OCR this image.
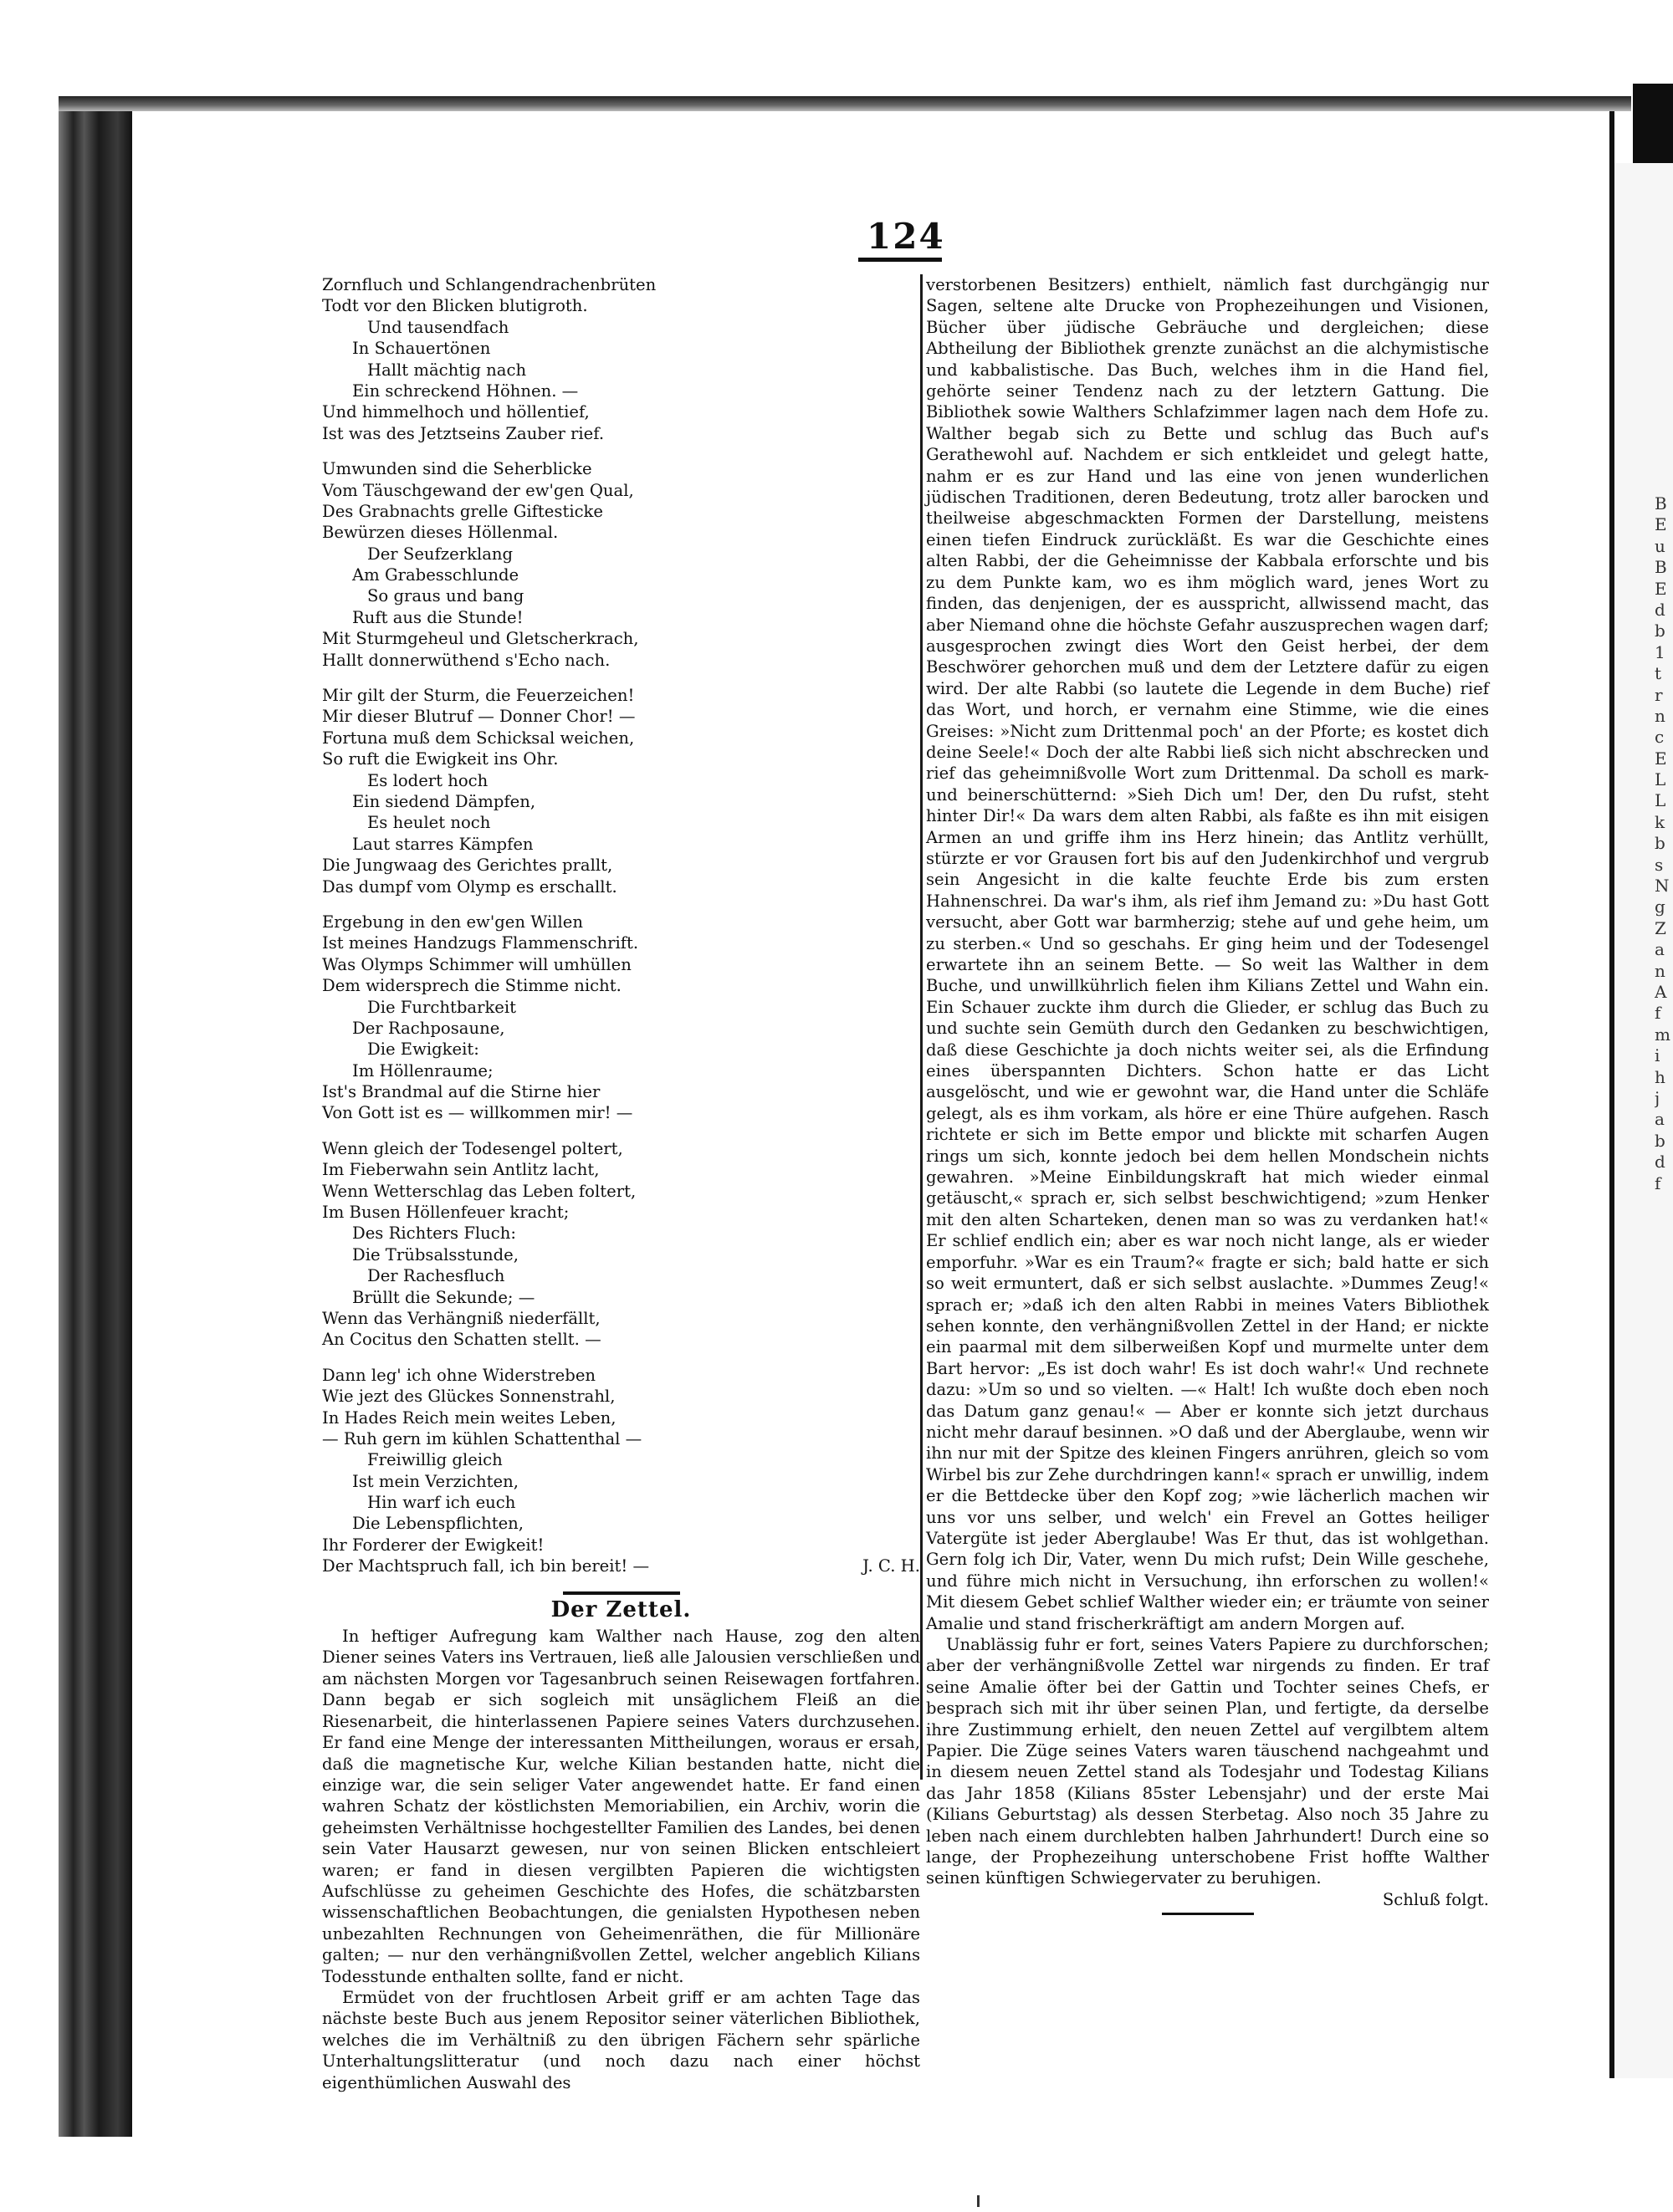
124
Zornfluch und Schlangendrachenbrüten
Todt vor den Blicken blutigroth.
Und tausendfach
In Schauertönen
Hallt mächtig nach
Ein schreckend Höhnen. —
Und himmelhoch und höllentief,
Ist was des Jetztseins Zauber rief.
Umwunden sind die Seherblicke
Vom Täuschgewand der ew'gen Qual,
Des Grabnachts grelle Giftesticke
Bewürzen dieses Höllenmal.
Der Seufzerklang
Am Grabesschlunde
So graus und bang
Ruft aus die Stunde!
Mit Sturmgeheul und Gletscherkrach,
Hallt donnerwüthend s'Echo nach.
Mir gilt der Sturm, die Feuerzeichen!
Mir dieser Blutruf — Donner Chor! —
Fortuna muß dem Schicksal weichen,
So ruft die Ewigkeit ins Ohr.
Es lodert hoch
Ein siedend Dämpfen,
Es heulet noch
Laut starres Kämpfen
Die Jungwaag des Gerichtes prallt,
Das dumpf vom Olymp es erschallt.
Ergebung in den ew'gen Willen
Ist meines Handzugs Flammenschrift.
Was Olymps Schimmer will umhüllen
Dem widersprech die Stimme nicht.
Die Furchtbarkeit
Der Rachposaune,
Die Ewigkeit:
Im Höllenraume;
Ist's Brandmal auf die Stirne hier
Von Gott ist es — willkommen mir! —
Wenn gleich der Todesengel poltert,
Im Fieberwahn sein Antlitz lacht,
Wenn Wetterschlag das Leben foltert,
Im Busen Höllenfeuer kracht;
Des Richters Fluch:
Die Trübsalsstunde,
Der Rachesfluch
Brüllt die Sekunde; —
Wenn das Verhängniß niederfällt,
An Cocitus den Schatten stellt. —
Dann leg' ich ohne Widerstreben
Wie jezt des Glückes Sonnenstrahl,
In Hades Reich mein weites Leben,
— Ruh gern im kühlen Schattenthal —
Freiwillig gleich
Ist mein Verzichten,
Hin warf ich euch
Die Lebenspflichten,
Ihr Forderer der Ewigkeit!
Der Machtspruch fall, ich bin bereit! —	J. C. H.
Der Zettel.

In heftiger Aufregung kam Walther nach Hause, zog den alten Diener seines Vaters ins Vertrauen, ließ alle Jalousien verschließen und am nächsten Morgen vor Tagesanbruch seinen Reisewagen fortfahren. Dann begab er sich sogleich mit unsäglichem Fleiß an die Riesenarbeit, die hinterlassenen Papiere seines Vaters durchzusehen. Er fand eine Menge der interessanten Mittheilungen, woraus er ersah, daß die magnetische Kur, welche Kilian bestanden hatte, nicht die einzige war, die sein seliger Vater angewendet hatte. Er fand einen wahren Schatz der köstlichsten Memoriabilien, ein Archiv, worin die geheimsten Verhältnisse hochgestellter Familien des Landes, bei denen sein Vater Hausarzt gewesen, nur von seinen Blicken entschleiert waren; er fand in diesen vergilbten Papieren die wichtigsten Aufschlüsse zu geheimen Geschichte des Hofes, die schätzbarsten wissenschaftlichen Beobachtungen, die genialsten Hypothesen neben unbezahlten Rechnungen von Geheimenräthen, die für Millionäre galten; — nur den verhängnißvollen Zettel, welcher angeblich Kilians Todesstunde enthalten sollte, fand er nicht.

Ermüdet von der fruchtlosen Arbeit griff er am achten Tage das nächste beste Buch aus jenem Repositor seiner väterlichen Bibliothek, welches die im Verhältniß zu den übrigen Fächern sehr spärliche Unterhaltungslitteratur (und noch dazu nach einer höchst eigenthümlichen Auswahl des

verstorbenen Besitzers) enthielt, nämlich fast durchgängig nur Sagen, seltene alte Drucke von Prophezeihungen und Visionen, Bücher über jüdische Gebräuche und dergleichen; diese Abtheilung der Bibliothek grenzte zunächst an die alchymistische und kabbalistische. Das Buch, welches ihm in die Hand fiel, gehörte seiner Tendenz nach zu der letztern Gattung. Die Bibliothek sowie Walthers Schlafzimmer lagen nach dem Hofe zu. Walther begab sich zu Bette und schlug das Buch auf's Gerathewohl auf. Nachdem er sich entkleidet und gelegt hatte, nahm er es zur Hand und las eine von jenen wunderlichen jüdischen Traditionen, deren Bedeutung, trotz aller barocken und theilweise abgeschmackten Formen der Darstellung, meistens einen tiefen Eindruck zurückläßt. Es war die Geschichte eines alten Rabbi, der die Geheimnisse der Kabbala erforschte und bis zu dem Punkte kam, wo es ihm möglich ward, jenes Wort zu finden, das denjenigen, der es ausspricht, allwissend macht, das aber Niemand ohne die höchste Gefahr auszusprechen wagen darf; ausgesprochen zwingt dies Wort den Geist herbei, der dem Beschwörer gehorchen muß und dem der Letztere dafür zu eigen wird. Der alte Rabbi (so lautete die Legende in dem Buche) rief das Wort, und horch, er vernahm eine Stimme, wie die eines Greises: »Nicht zum Drittenmal poch' an der Pforte; es kostet dich deine Seele!« Doch der alte Rabbi ließ sich nicht abschrecken und rief das geheimnißvolle Wort zum Drittenmal. Da scholl es mark- und beinerschütternd: »Sieh Dich um! Der, den Du rufst, steht hinter Dir!« Da wars dem alten Rabbi, als faßte es ihn mit eisigen Armen an und griffe ihm ins Herz hinein; das Antlitz verhüllt, stürzte er vor Grausen fort bis auf den Judenkirchhof und vergrub sein Angesicht in die kalte feuchte Erde bis zum ersten Hahnenschrei. Da war's ihm, als rief ihm Jemand zu: »Du hast Gott versucht, aber Gott war barmherzig; stehe auf und gehe heim, um zu sterben.« Und so geschahs. Er ging heim und der Todesengel erwartete ihn an seinem Bette. — So weit las Walther in dem Buche, und unwillkührlich fielen ihm Kilians Zettel und Wahn ein. Ein Schauer zuckte ihm durch die Glieder, er schlug das Buch zu und suchte sein Gemüth durch den Gedanken zu beschwichtigen, daß diese Geschichte ja doch nichts weiter sei, als die Erfindung eines überspannten Dichters. Schon hatte er das Licht ausgelöscht, und wie er gewohnt war, die Hand unter die Schläfe gelegt, als es ihm vorkam, als höre er eine Thüre aufgehen. Rasch richtete er sich im Bette empor und blickte mit scharfen Augen rings um sich, konnte jedoch bei dem hellen Mondschein nichts gewahren. »Meine Einbildungskraft hat mich wieder einmal getäuscht,« sprach er, sich selbst beschwichtigend; »zum Henker mit den alten Scharteken, denen man so was zu verdanken hat!« Er schlief endlich ein; aber es war noch nicht lange, als er wieder emporfuhr. »War es ein Traum?« fragte er sich; bald hatte er sich so weit ermuntert, daß er sich selbst auslachte. »Dummes Zeug!« sprach er; »daß ich den alten Rabbi in meines Vaters Bibliothek sehen konnte, den verhängnißvollen Zettel in der Hand; er nickte ein paarmal mit dem silberweißen Kopf und murmelte unter dem Bart hervor: „Es ist doch wahr! Es ist doch wahr!« Und rechnete dazu: »Um so und so vielten. —« Halt! Ich wußte doch eben noch das Datum ganz genau!« — Aber er konnte sich jetzt durchaus nicht mehr darauf besinnen. »O daß und der Aberglaube, wenn wir ihn nur mit der Spitze des kleinen Fingers anrühren, gleich so vom Wirbel bis zur Zehe durchdringen kann!« sprach er unwillig, indem er die Bettdecke über den Kopf zog; »wie lächerlich machen wir uns vor uns selber, und welch' ein Frevel an Gottes heiliger Vatergüte ist jeder Aberglaube! Was Er thut, das ist wohlgethan. Gern folg ich Dir, Vater, wenn Du mich rufst; Dein Wille geschehe, und führe mich nicht in Versuchung, ihn erforschen zu wollen!« Mit diesem Gebet schlief Walther wieder ein; er träumte von seiner Amalie und stand frischerkräftigt am andern Morgen auf.

Unablässig fuhr er fort, seines Vaters Papiere zu durchforschen; aber der verhängnißvolle Zettel war nirgends zu finden. Er traf seine Amalie öfter bei der Gattin und Tochter seines Chefs, er besprach sich mit ihr über seinen Plan, und fertigte, da derselbe ihre Zustimmung erhielt, den neuen Zettel auf vergilbtem altem Papier. Die Züge seines Vaters waren täuschend nachgeahmt und in diesem neuen Zettel stand als Todesjahr und Todestag Kilians das Jahr 1858 (Kilians 85ster Lebensjahr) und der erste Mai (Kilians Geburtstag) als dessen Sterbetag. Also noch 35 Jahre zu leben nach einem durchlebten halben Jahrhundert! Durch eine so lange, der Prophezeihung unterschobene Frist hoffte Walther seinen künftigen Schwiegervater zu beruhigen.

Schluß folgt.

B
E
u
B
E
d
b
1
t
r
n
c
E
L
L
k
b
s
N
g
Z
a
n
A
f
m
i
h
j
a
b
d
f
